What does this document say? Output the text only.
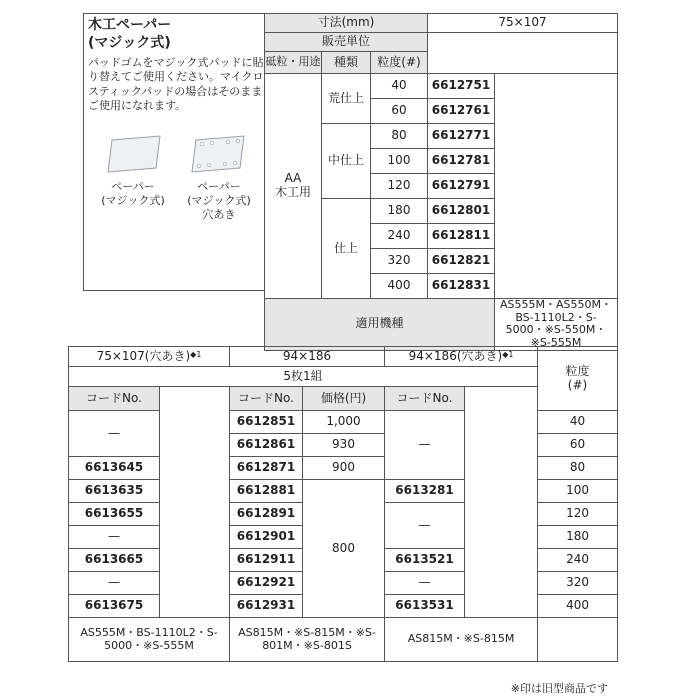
木工ペーパー
(マジック式)
パッドゴムをマジック式パッドに貼り替えてご使用ください。マイクロスティックパッドの場合はそのままご使用になれます。
ペーパー
(マジック式)
ペーパー
(マジック式)
穴あき
寸法(mm)			75×107	
販売単位				
砥粒・用途	種類	粒度(#)		
AA
木工用	荒仕上	40	6612751	
		60	6612761	
	中仕上	80	6612771	
		100	6612781	
		120	6612791	
	仕上	180	6612801	
		240	6612811	
		320	6612821	
		400	6612831	
適用機種				AS555M・AS550M・BS-1110L2・S-5000・※S-550M・※S-555M
75×107(穴あき)$^{◆1}$		94×186		94×186(穴あき)$^{◆1}$		粒度
(#)
5枚1組						
コードNo.		コードNo.	価格(円)	コードNo.		
—		6612851	1,000	—		40
		6612861	930			60
6613645		6612871	900			80
6613635		6612881	800	6613281		100
6613655		6612891		—		120
—		6612901				180
6613665		6612911		6613521		240
—		6612921		—		320
6613675		6612931		6613531		400
AS555M・BS-1110L2・S-5000・※S-555M		AS815M・※S-815M・※S-801M・※S-801S		AS815M・※S-815M		
※印は旧型商品です
